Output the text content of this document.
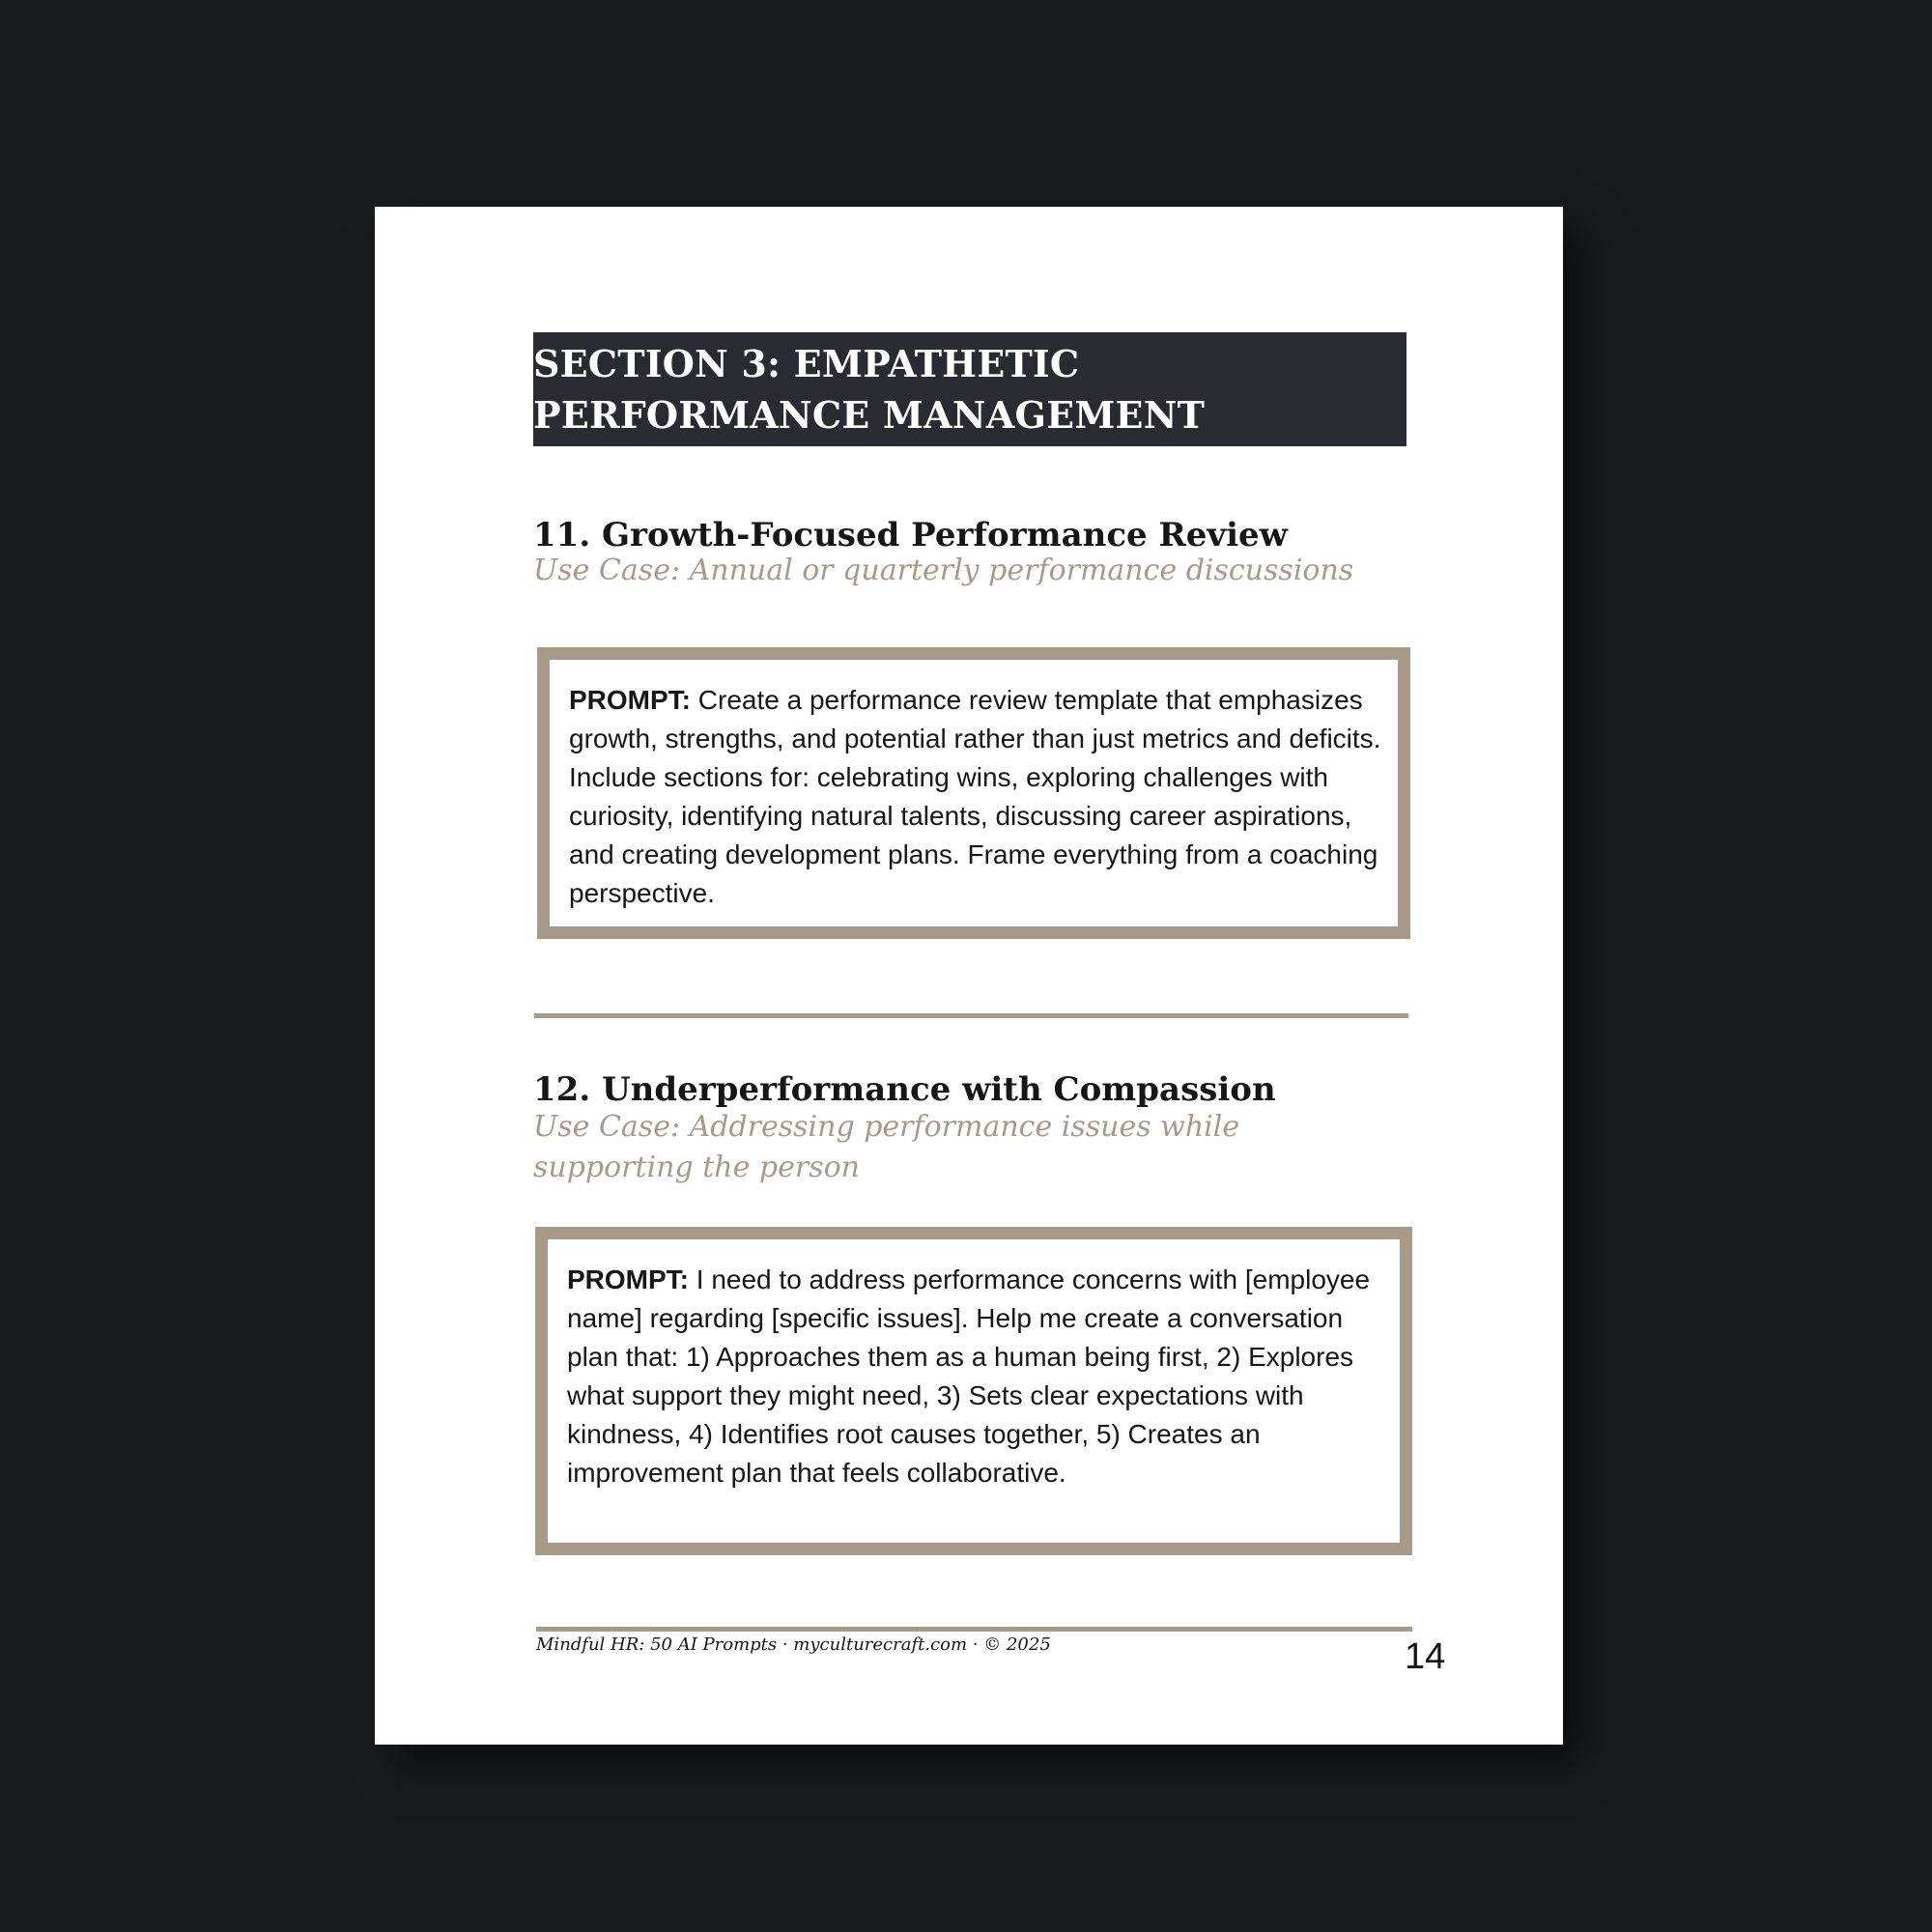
SECTION 3: EMPATHETIC PERFORMANCE MANAGEMENT
11. Growth-Focused Performance Review
Use Case: Annual or quarterly performance discussions
PROMPT: Create a performance review template that emphasizes growth, strengths, and potential rather than just metrics and deficits. Include sections for: celebrating wins, exploring challenges with curiosity, identifying natural talents, discussing career aspirations, and creating development plans. Frame everything from a coaching perspective.
12. Underperformance with Compassion
Use Case: Addressing performance issues while supporting the person
PROMPT: I need to address performance concerns with [employee name] regarding [specific issues]. Help me create a conversation plan that: 1) Approaches them as a human being first, 2) Explores what support they might need, 3) Sets clear expectations with kindness, 4) Identifies root causes together, 5) Creates an improvement plan that feels collaborative.
Mindful HR: 50 AI Prompts · myculturecraft.com · © 2025	14
